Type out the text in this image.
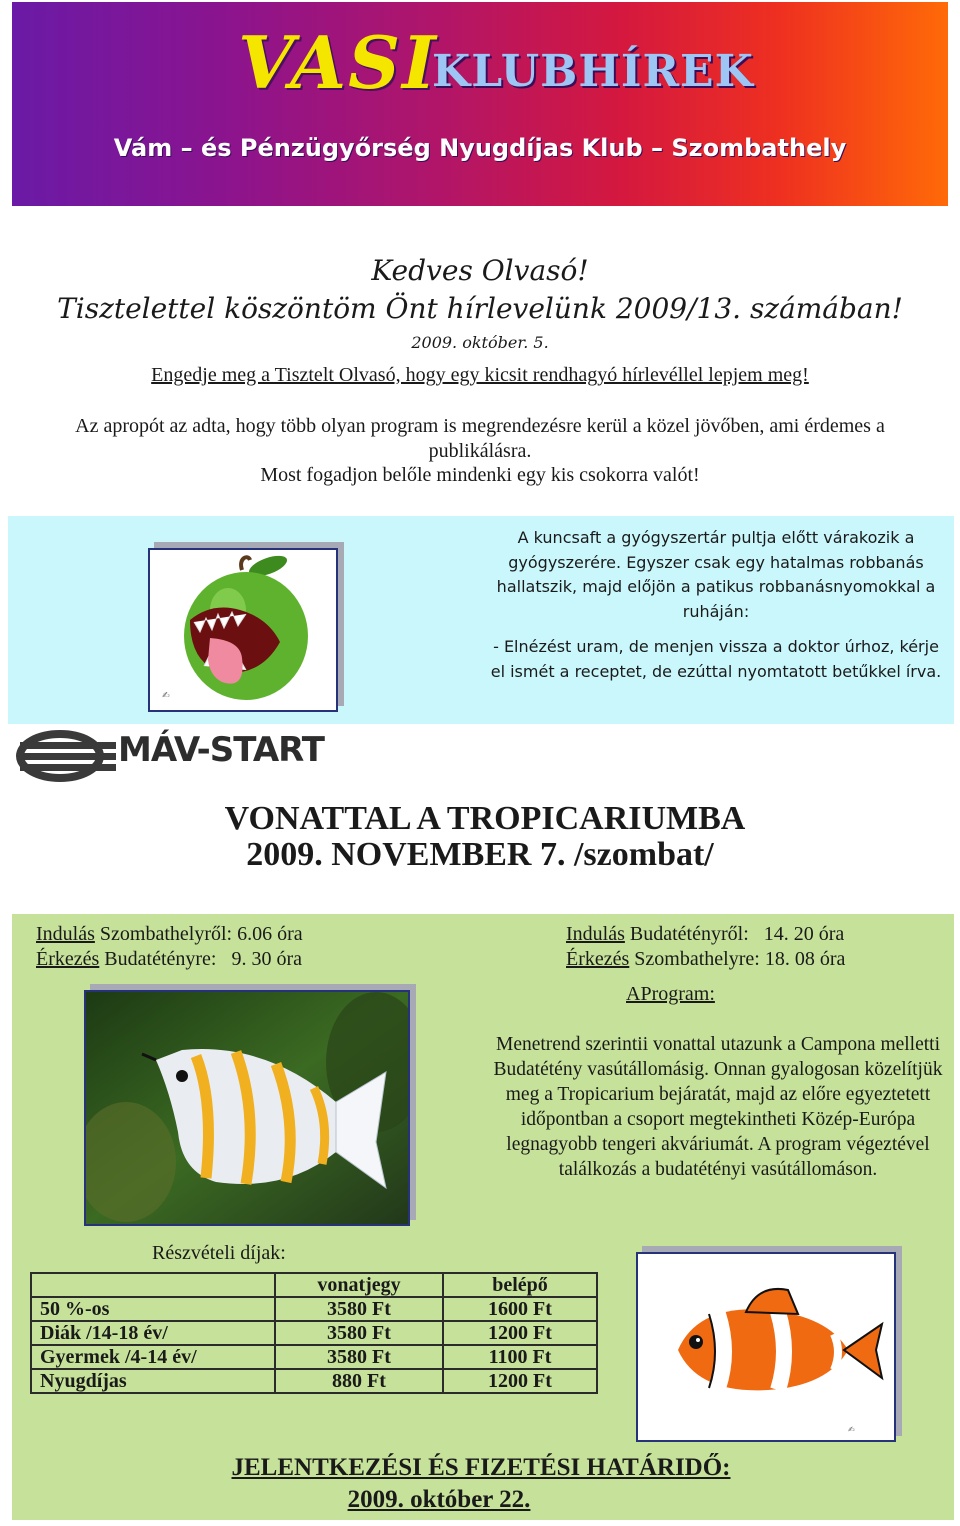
VASI
KLUBHÍREK
Vám – és Pénzügyőrség Nyugdíjas Klub – Szombathely
Kedves Olvasó!
Tisztelettel köszöntöm Önt hírlevelünk 2009/13. számában!
2009. október. 5.
Engedje meg a Tisztelt Olvasó, hogy egy kicsit rendhagyó hírlevéllel lepjem meg!
Az apropót az adta, hogy több olyan program is megrendezésre kerül a közel jövőben, ami érdemes a publikálásra.
Most fogadjon belőle mindenki egy kis csokorra valót!
✍
A kuncsaft a gyógyszertár pultja előtt várakozik a gyógyszerére. Egyszer csak egy hatalmas robbanás hallatszik, majd előjön a patikus robbanásnyomokkal a ruháján:
- Elnézést uram, de menjen vissza a doktor úrhoz, kérje el ismét a receptet, de ezúttal nyomtatott betűkkel írva.
MÁV-START
VONATTAL A TROPICARIUMBA
2009. NOVEMBER 7. /szombat/
Indulás Szombathelyről: 6.06 óra
Érkezés Budatétényre:   9. 30 óra
Indulás Budatétényről:   14. 20 óra
Érkezés Szombathelyre: 18. 08 óra
AProgram:
Menetrend szerintii vonattal utazunk a Campona melletti Budatétény vasútállomásig. Onnan gyalogosan közelítjük meg a Tropicarium bejáratát, majd az előre egyeztetett időpontban a csoport megtekintheti Közép-Európa legnagyobb tengeri akváriumát. A program végeztével találkozás a budatétényi vasútállomáson.
Részvételi díjak:
	vonatjegy	belépő
50 %-os	3580 Ft	1600 Ft
Diák /14-18 év/	3580 Ft	1200 Ft
Gyermek /4-14 év/	3580 Ft	1100 Ft
Nyugdíjas	880 Ft	1200 Ft
✍
JELENTKEZÉSI ÉS FIZETÉSI HATÁRIDŐ:
2009. október 22.
